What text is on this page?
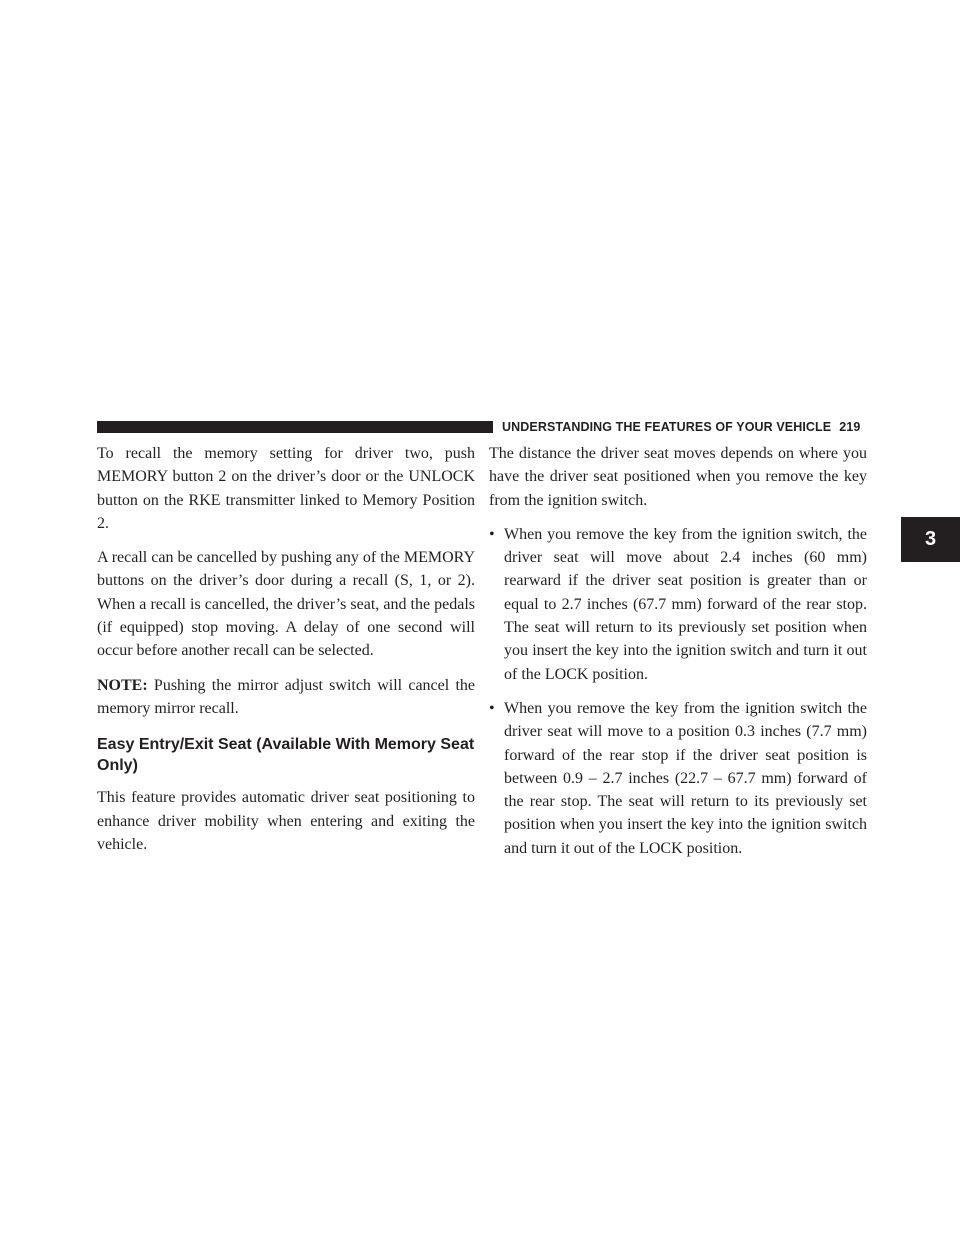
UNDERSTANDING THE FEATURES OF YOUR VEHICLE 219
3

To recall the memory setting for driver two, push MEMORY button 2 on the driver’s door or the UNLOCK button on the RKE transmitter linked to Memory Position 2.

A recall can be cancelled by pushing any of the MEMORY buttons on the driver’s door during a recall (S, 1, or 2). When a recall is cancelled, the driver’s seat, and the pedals (if equipped) stop moving. A delay of one second will occur before another recall can be selected.

NOTE: Pushing the mirror adjust switch will cancel the memory mirror recall.

Easy Entry/Exit Seat (Available With Memory Seat Only)

This feature provides automatic driver seat positioning to enhance driver mobility when entering and exiting the vehicle.

The distance the driver seat moves depends on where you have the driver seat positioned when you remove the key from the ignition switch.

• When you remove the key from the ignition switch, the driver seat will move about 2.4 inches (60 mm) rearward if the driver seat position is greater than or equal to 2.7 inches (67.7 mm) forward of the rear stop. The seat will return to its previously set position when you insert the key into the ignition switch and turn it out of the LOCK position.
• When you remove the key from the ignition switch the driver seat will move to a position 0.3 inches (7.7 mm) forward of the rear stop if the driver seat position is between 0.9 – 2.7 inches (22.7 – 67.7 mm) forward of the rear stop. The seat will return to its previously set position when you insert the key into the ignition switch and turn it out of the LOCK position.
